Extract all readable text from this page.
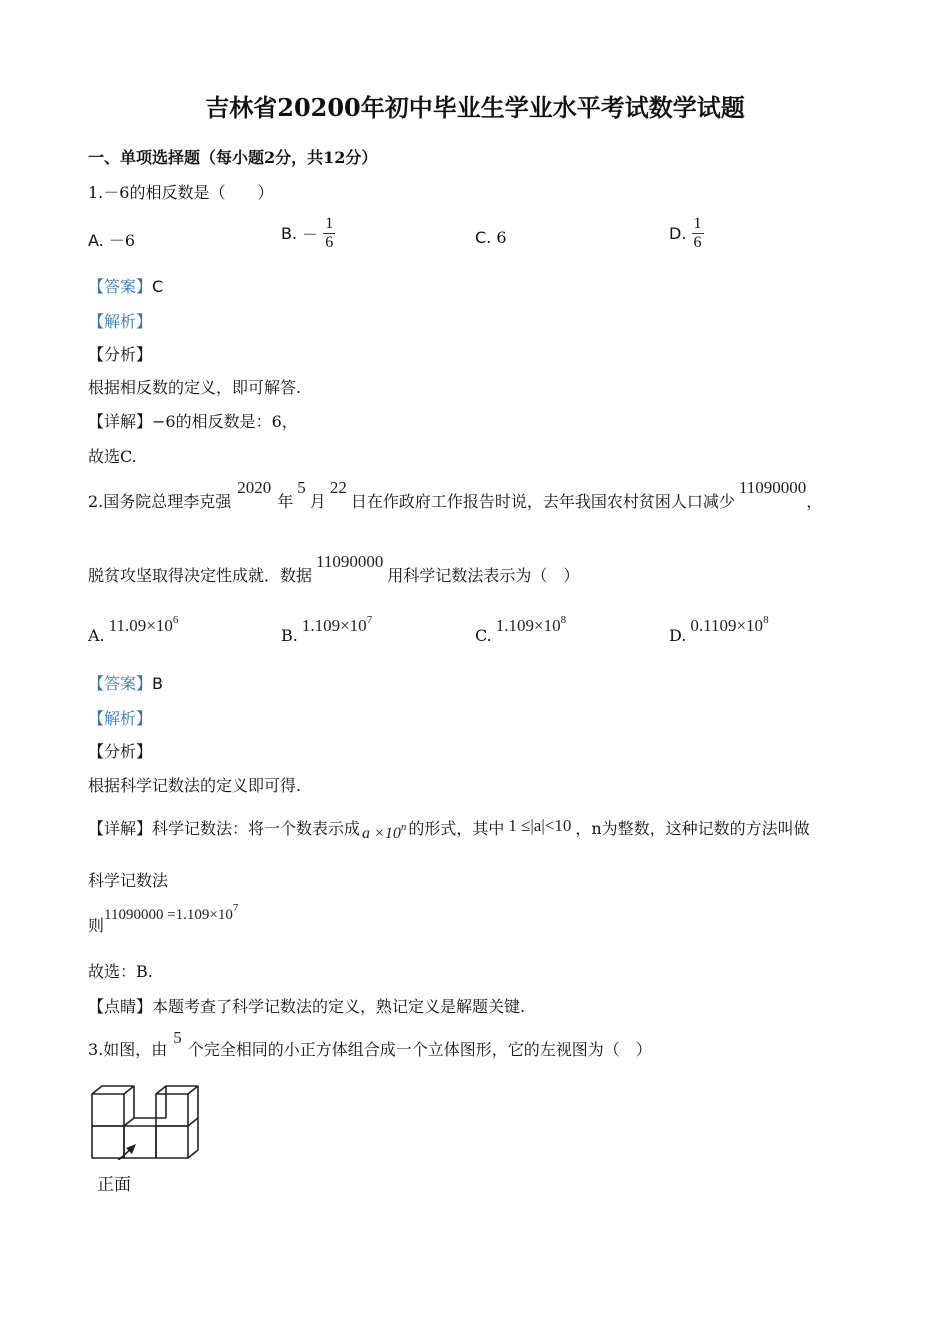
吉林省20200年初中毕业生学业水平考试数学试题
一、单项选择题（每小题2分，共12分）
1.－6的相反数是（　　）
A. －6	B. － $\frac{1}{6}$	C. 6	D. $\frac{1}{6}$
【答案】C
【解析】
【分析】
根据相反数的定义，即可解答.
【详解】−6的相反数是：6，
故选C.
2.国务院总理李克强2020年5月22日在作政府工作报告时说，去年我国农村贫困人口减少11090000，
脱贫攻坚取得决定性成就．数据11090000用科学记数法表示为（　）
$A.11.09\times 10^6$
$B.1.109\times 10^7$
$C.1.109\times 10^8$
$D.0.1109\times 10^8$
【答案】B
【解析】
【分析】
根据科学记数法的定义即可得.
【详解】科学记数法：将一个数表示成 $a \times 10^n$ 的形式，其中 1 ≤|a|<10 ，n为整数，这种记数的方法叫做
科学记数法
则$11090000 =1.109\times 10^7$
故选：B.
【点睛】本题考查了科学记数法的定义，熟记定义是解题关键.
3.如图，由5个完全相同的小正方体组合成一个立体图形，它的左视图为（　）
正面
